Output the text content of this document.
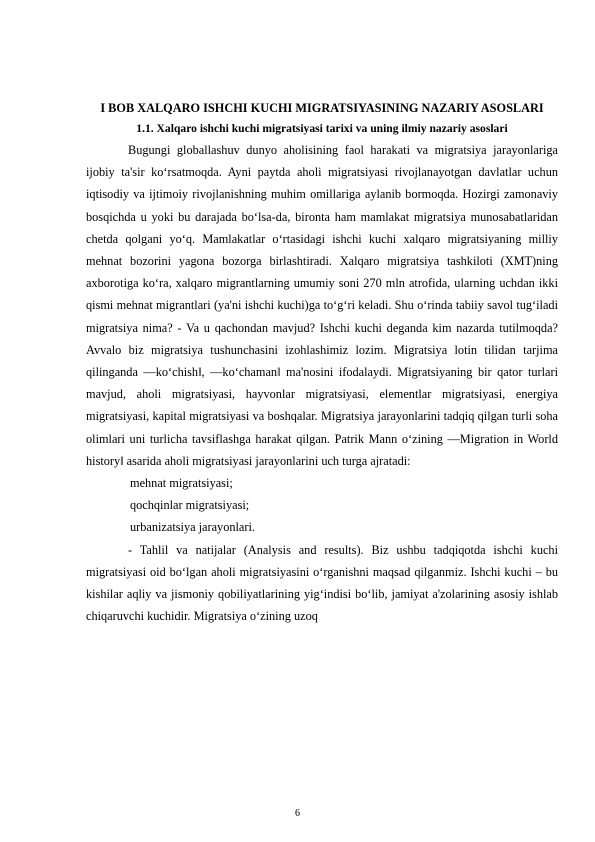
I BOB XALQARO ISHCHI KUCHI MIGRATSIYASINING NAZARIY ASOSLARI
1.1. Xalqaro ishchi kuchi migratsiyasi tarixi va uning ilmiy nazariy asoslari

Bugungi globallashuv dunyo aholisining faol harakati va migratsiya jarayonlariga ijobiy ta'sir ko‘rsatmoqda. Ayni paytda aholi migratsiyasi rivojlanayotgan davlatlar uchun iqtisodiy va ijtimoiy rivojlanishning muhim omillariga aylanib bormoqda. Hozirgi zamonaviy bosqichda u yoki bu darajada bo‘lsa-da, bironta ham mamlakat migratsiya munosabatlaridan chetda qolgani yo‘q. Mamlakatlar o‘rtasidagi ishchi kuchi xalqaro migratsiyaning milliy mehnat bozorini yagona bozorga birlashtiradi. Xalqaro migratsiya tashkiloti (XMT)ning axborotiga ko‘ra, xalqaro migrantlarning umumiy soni 270 mln atrofida, ularning uchdan ikki qismi mehnat migrantlari (ya'ni ishchi kuchi)ga to‘g‘ri keladi. Shu o‘rinda tabiiy savol tug‘iladi migratsiya nima? - Va u qachondan mavjud? Ishchi kuchi deganda kim nazarda tutilmoqda? Avvalo biz migratsiya tushunchasini izohlashimiz lozim. Migratsiya lotin tilidan tarjima qilinganda ―ko‘chish‖, ―ko‘chaman‖ ma'nosini ifodalaydi. Migratsiyaning bir qator turlari mavjud, aholi migratsiyasi, hayvonlar migratsiyasi, elementlar migratsiyasi, energiya migratsiyasi, kapital migratsiyasi va boshqalar. Migratsiya jarayonlarini tadqiq qilgan turli soha olimlari uni turlicha tavsiflashga harakat qilgan. Patrik Mann o‘zining ―Migration in World history‖ asarida aholi migratsiyasi jarayonlarini uch turga ajratadi:

mehnat migratsiyasi;
qochqinlar migratsiyasi;
urbanizatsiya jarayonlari.

- Tahlil va natijalar (Analysis and results). Biz ushbu tadqiqotda ishchi kuchi migratsiyasi oid bo‘lgan aholi migratsiyasini o‘rganishni maqsad qilganmiz. Ishchi kuchi – bu kishilar aqliy va jismoniy qobiliyatlarining yig‘indisi bo‘lib, jamiyat a'zolarining asosiy ishlab chiqaruvchi kuchidir. Migratsiya o‘zining uzoq

6
